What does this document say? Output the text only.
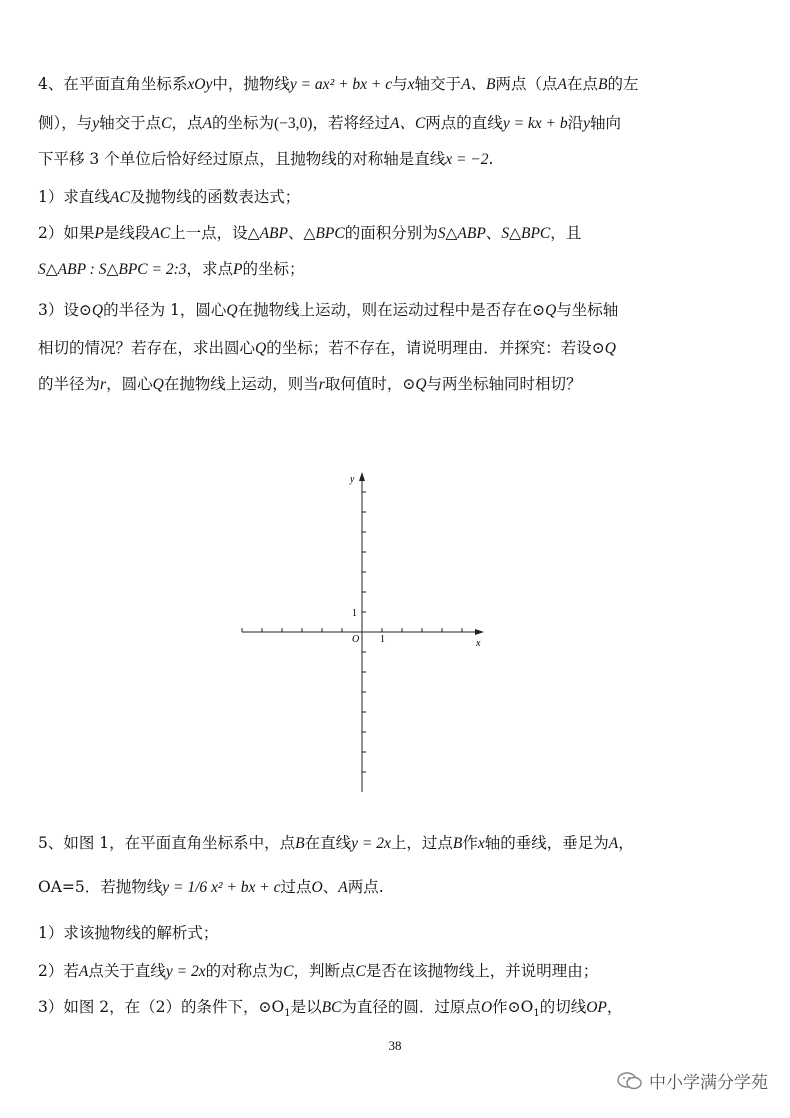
4、在平面直角坐标系xOy中，抛物线y = ax² + bx + c与x轴交于A、B两点（点A在点B的左
侧），与y轴交于点C，点A的坐标为(−3,0)，若将经过A、C两点的直线y = kx + b沿y轴向
下平移 3 个单位后恰好经过原点，且抛物线的对称轴是直线x = −2.
1）求直线AC及抛物线的函数表达式；
2）如果P是线段AC上一点，设△ABP、△BPC的面积分别为S△ABP、S△BPC，且
S△ABP : S△BPC = 2:3，求点P的坐标；
3）设⊙Q的半径为 1，圆心Q在抛物线上运动，则在运动过程中是否存在⊙Q与坐标轴
相切的情况？若存在，求出圆心Q的坐标；若不存在，请说明理由．并探究：若设⊙Q
的半径为r，圆心Q在抛物线上运动，则当r取何值时，⊙Q与两坐标轴同时相切？
y
x
O 1
1
5、如图 1，在平面直角坐标系中，点B在直线y = 2x上，过点B作x轴的垂线，垂足为A，
OA=5．若抛物线y = 1/6 x² + bx + c过点O、A两点.
1）求该抛物线的解析式；
2）若A点关于直线y = 2x的对称点为C，判断点C是否在该抛物线上，并说明理由；
3）如图 2，在（2）的条件下，$⊙O_1$是以BC为直径的圆．过原点O作$⊙O_1$的切线OP，
38
中小学满分学苑
